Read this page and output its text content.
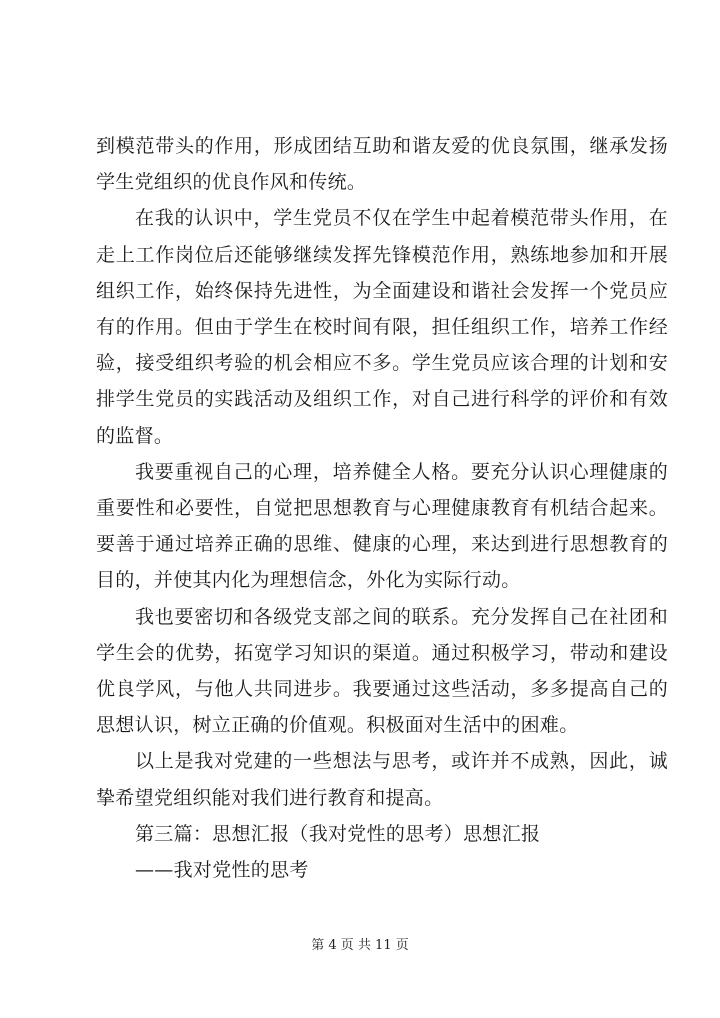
到模范带头的作用，形成团结互助和谐友爱的优良氛围，继承发扬学生党组织的优良作风和传统。

在我的认识中，学生党员不仅在学生中起着模范带头作用，在走上工作岗位后还能够继续发挥先锋模范作用，熟练地参加和开展组织工作，始终保持先进性，为全面建设和谐社会发挥一个党员应有的作用。但由于学生在校时间有限，担任组织工作，培养工作经验，接受组织考验的机会相应不多。学生党员应该合理的计划和安排学生党员的实践活动及组织工作，对自己进行科学的评价和有效的监督。

我要重视自己的心理，培养健全人格。要充分认识心理健康的重要性和必要性，自觉把思想教育与心理健康教育有机结合起来。要善于通过培养正确的思维、健康的心理，来达到进行思想教育的目的，并使其内化为理想信念，外化为实际行动。

我也要密切和各级党支部之间的联系。充分发挥自己在社团和学生会的优势，拓宽学习知识的渠道。通过积极学习，带动和建设优良学风，与他人共同进步。我要通过这些活动，多多提高自己的思想认识，树立正确的价值观。积极面对生活中的困难。

以上是我对党建的一些想法与思考，或许并不成熟，因此，诚挚希望党组织能对我们进行教育和提高。

第三篇：思想汇报（我对党性的思考）思想汇报

——我对党性的思考

第 4 页 共 11 页
